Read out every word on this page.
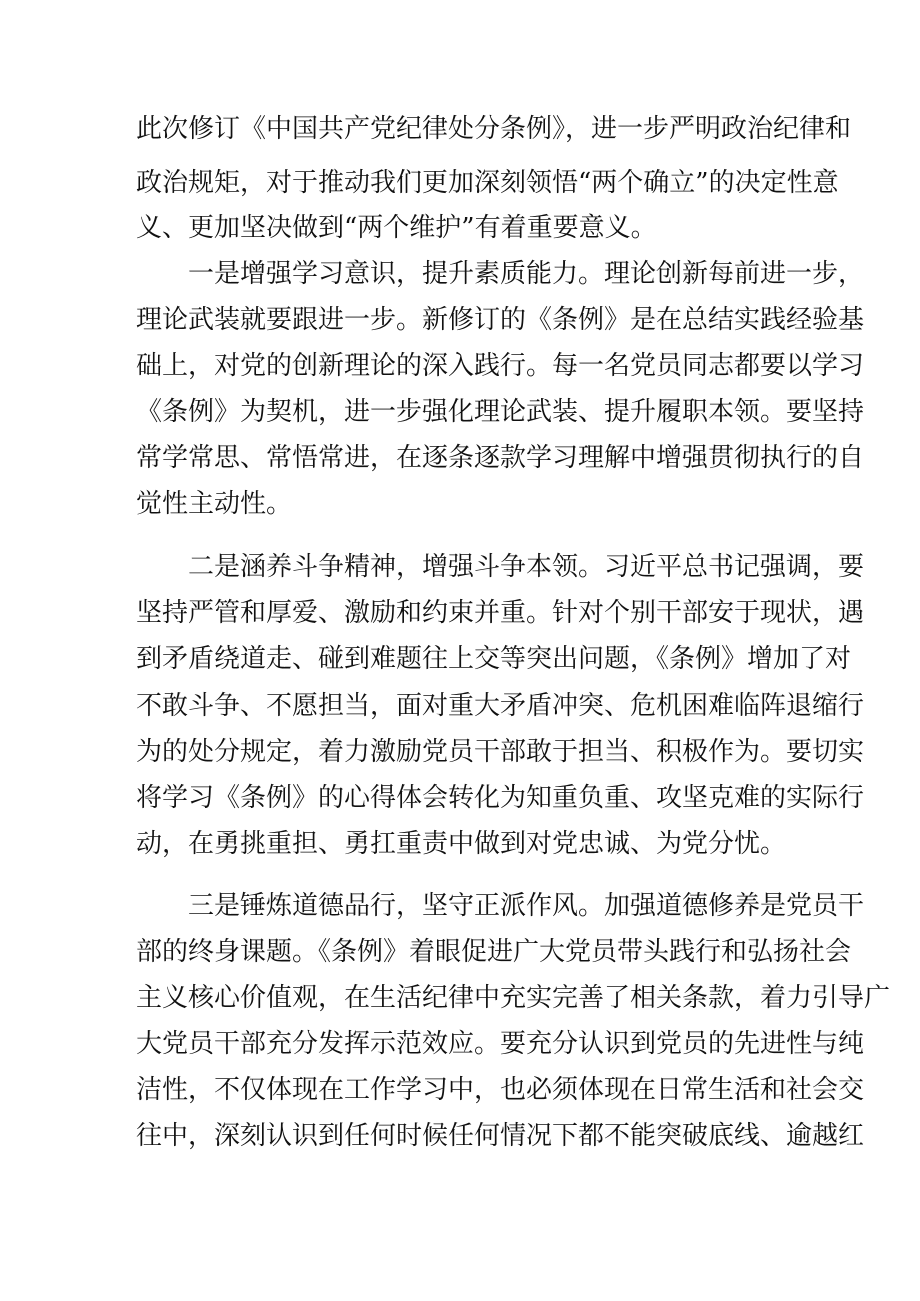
此次修订《中国共产党纪律处分条例》，进一步严明政治纪律和

政治规矩，对于推动我们更加深刻领悟“两个确立”的决定性意

义、更加坚决做到“两个维护”有着重要意义。

一是增强学习意识，提升素质能力。理论创新每前进一步，

理论武装就要跟进一步。新修订的《条例》是在总结实践经验基

础上，对党的创新理论的深入践行。每一名党员同志都要以学习

《条例》为契机，进一步强化理论武装、提升履职本领。要坚持

常学常思、常悟常进，在逐条逐款学习理解中增强贯彻执行的自

觉性主动性。

二是涵养斗争精神，增强斗争本领。习近平总书记强调，要

坚持严管和厚爱、激励和约束并重。针对个别干部安于现状，遇

到矛盾绕道走、碰到难题往上交等突出问题，《条例》增加了对

不敢斗争、不愿担当，面对重大矛盾冲突、危机困难临阵退缩行

为的处分规定，着力激励党员干部敢于担当、积极作为。要切实

将学习《条例》的心得体会转化为知重负重、攻坚克难的实际行

动，在勇挑重担、勇扛重责中做到对党忠诚、为党分忧。

三是锤炼道德品行，坚守正派作风。加强道德修养是党员干

部的终身课题。《条例》着眼促进广大党员带头践行和弘扬社会

主义核心价值观，在生活纪律中充实完善了相关条款，着力引导广

大党员干部充分发挥示范效应。要充分认识到党员的先进性与纯

洁性，不仅体现在工作学习中，也必须体现在日常生活和社会交

往中，深刻认识到任何时候任何情况下都不能突破底线、逾越红
